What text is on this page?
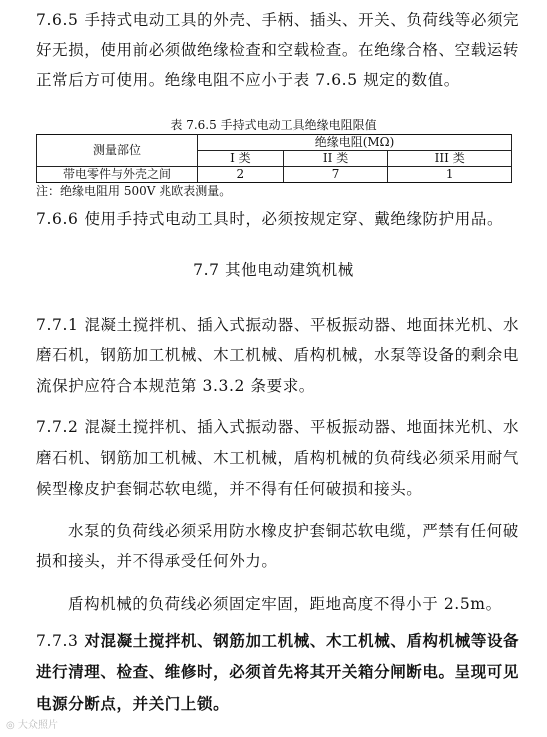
7.6.5 手持式电动工具的外壳、手柄、插头、开关、负荷线等必须完
好无损，使用前必须做绝缘检查和空载检查。在绝缘合格、空载运转
正常后方可使用。绝缘电阻不应小于表 7.6.5 规定的数值。
表 7.6.5 手持式电动工具绝缘电阻限值
测量部位	绝缘电阻(MΩ)		
	I 类	II 类	III 类
带电零件与外壳之间	2	7	1
注：绝缘电阻用 500V 兆欧表测量。
7.6.6 使用手持式电动工具时，必须按规定穿、戴绝缘防护用品。
7.7 其他电动建筑机械
7.7.1 混凝土搅拌机、插入式振动器、平板振动器、地面抹光机、水
磨石机，钢筋加工机械、木工机械、盾构机械，水泵等设备的剩余电
流保护应符合本规范第 3.3.2 条要求。
7.7.2 混凝土搅拌机、插入式振动器、平板振动器、地面抹光机、水
磨石机、钢筋加工机械、木工机械，盾构机械的负荷线必须采用耐气
候型橡皮护套铜芯软电缆，并不得有任何破损和接头。
水泵的负荷线必须采用防水橡皮护套铜芯软电缆，严禁有任何破
损和接头，并不得承受任何外力。
盾构机械的负荷线必须固定牢固，距地高度不得小于 2.5m。
7.7.3 对混凝土搅拌机、钢筋加工机械、木工机械、盾构机械等设备
进行清理、检查、维修时，必须首先将其开关箱分闸断电。呈现可见
电源分断点，并关门上锁。
◎ 大众照片
